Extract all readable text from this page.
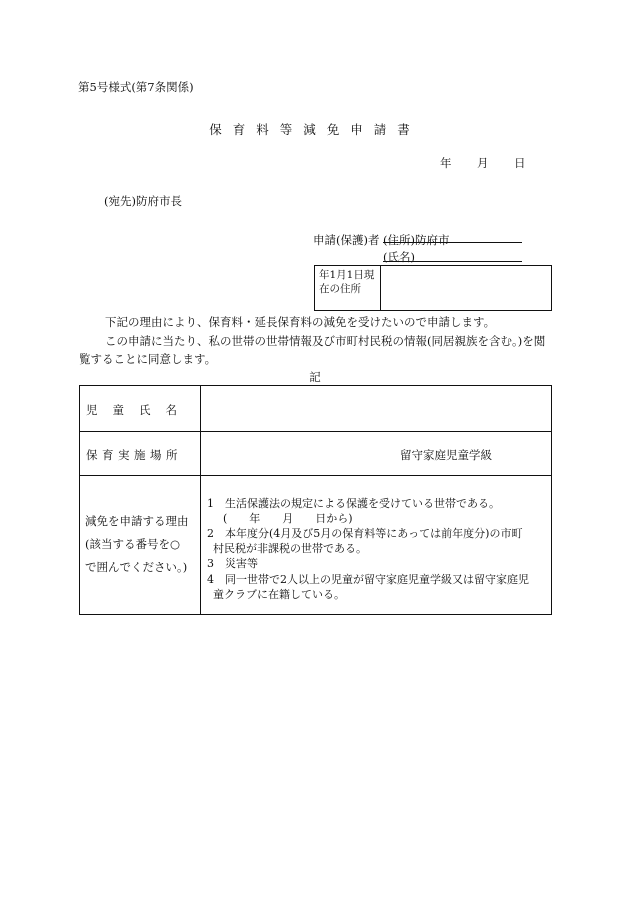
第5号様式(第7条関係)
保育料等減免申請書
年 月 日
(宛先)防府市長
申請(保護)者 (住所)防府市
(氏名)
年1月1日現在の住所
下記の理由により、保育料・延長保育料の減免を受けたいので申請します。
この申請に当たり、私の世帯の世帯情報及び市町村民税の情報(同居親族を含む。)を閲覧することに同意します。
記
児童氏名
保育実施場所	留守家庭児童学級
減免を申請する理由
(該当する番号を○
で囲んでください。)
1　生活保護法の規定による保護を受けている世帯である。
(　　年　　月　　日から)
2　本年度分(4月及び5月の保育料等にあっては前年度分)の市町
村民税が非課税の世帯である。
3　災害等
4　同一世帯で2人以上の児童が留守家庭児童学級又は留守家庭児
童クラブに在籍している。
